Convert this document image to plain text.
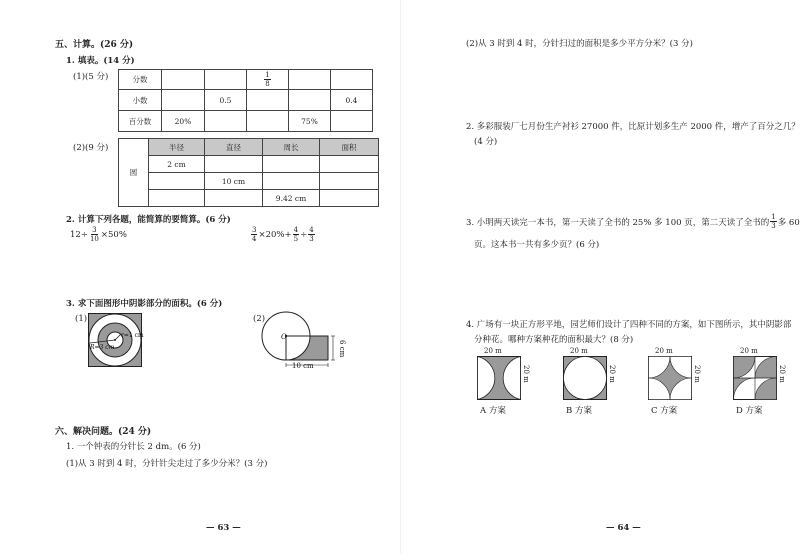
五、计算。(26 分)
1. 填表。(14 分)
(1)(5 分)	分数			$\frac{1}{8}$

小数		0.5			0.4
百分数	20%			75%	
(2)(9 分)
圆	半径	直径	周长	面积
	2 cm			
		10 cm		
			9.42 cm	
2. 计算下列各题，能简算的要简算。(6 分)
$12\div \frac{3}{10} \times 50\%$	$\frac{3}{4} \times 20\%+ \frac{4}{5} \div \frac{4}{3}$
3. 求下面图形中阴影部分的面积。(6 分)
(1)
r=1 cm
R=3 cm
(2)
O
10 cm
6 cm
六、解决问题。(24 分)
1. 一个钟表的分针长 2 dm。(6 分)
(1)从 3 时到 4 时，分针针尖走过了多少分米？(3 分)
— 63 —
(2)从 3 时到 4 时，分针扫过的面积是多少平方分米？(3 分)
2. 多彩服装厂七月份生产衬衫 27000 件，比原计划多生产 2000 件，增产了百分之几？
(4 分)
3. 小明两天读完一本书，第一天读了全书的 25% 多 100 页，第二天读了全书的 $\frac{1}{3}$ 多 60
页。这本书一共有多少页？(6 分)
4. 广场有一块正方形平地，园艺师们设计了四种不同的方案，如下图所示，其中阴影部
分种花。哪种方案种花的面积最大？(8 分)
20 m
20 m
A 方案
20 m
20 m
B 方案
20 m
20 m
C 方案
20 m
20 m
D 方案
— 64 —
